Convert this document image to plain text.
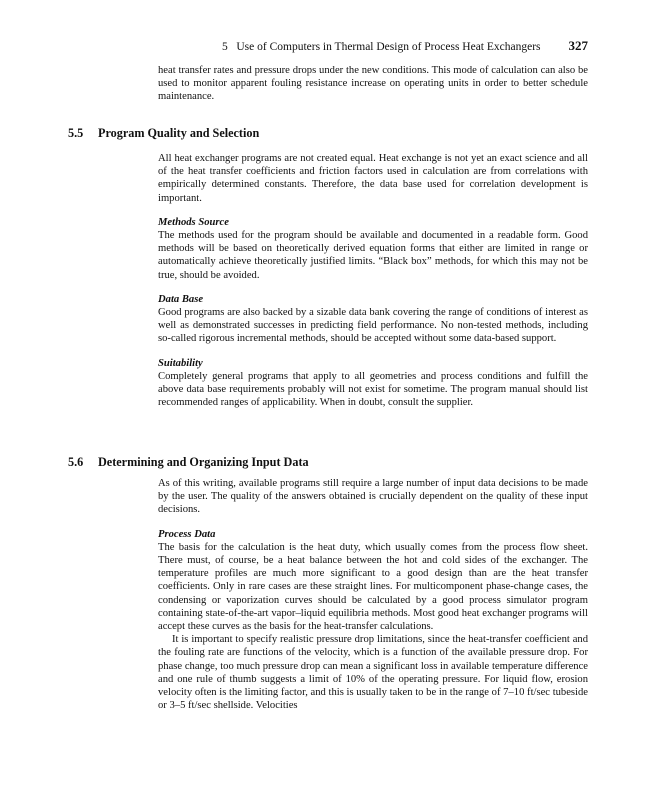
5   Use of Computers in Thermal Design of Process Heat Exchangers 327

heat transfer rates and pressure drops under the new conditions. This mode of calculation can also be used to monitor apparent fouling resistance increase on operating units in order to better schedule maintenance.

5.5 Program Quality and Selection

All heat exchanger programs are not created equal. Heat exchange is not yet an exact science and all of the heat transfer coefficients and friction factors used in calculation are from correlations with empirically determined constants. Therefore, the data base used for correlation development is important.

Methods Source

The methods used for the program should be available and documented in a readable form. Good methods will be based on theoretically derived equation forms that either are limited in range or automatically achieve theoretically justified limits. “Black box” methods, for which this may not be true, should be avoided.

Data Base

Good programs are also backed by a sizable data bank covering the range of conditions of interest as well as demonstrated successes in predicting field performance. No non-tested methods, including so-called rigorous incremental methods, should be accepted without some data-based support.

Suitability

Completely general programs that apply to all geometries and process conditions and fulfill the above data base requirements probably will not exist for sometime. The program manual should list recommended ranges of applicability. When in doubt, consult the supplier.

5.6 Determining and Organizing Input Data

As of this writing, available programs still require a large number of input data decisions to be made by the user. The quality of the answers obtained is crucially dependent on the quality of these input decisions.

Process Data

The basis for the calculation is the heat duty, which usually comes from the process flow sheet. There must, of course, be a heat balance between the hot and cold sides of the exchanger. The temperature profiles are much more significant to a good design than are the heat transfer coefficients. Only in rare cases are these straight lines. For multicomponent phase-change cases, the condensing or vaporization curves should be calculated by a good process simulator program containing state-of-the-art vapor–liquid equilibria methods. Most good heat exchanger programs will accept these curves as the basis for the heat-transfer calculations.

It is important to specify realistic pressure drop limitations, since the heat-transfer coefficient and the fouling rate are functions of the velocity, which is a function of the available pressure drop. For phase change, too much pressure drop can mean a significant loss in available temperature difference and one rule of thumb suggests a limit of 10% of the operating pressure. For liquid flow, erosion velocity often is the limiting factor, and this is usually taken to be in the range of 7–10 ft/sec tubeside or 3–5 ft/sec shellside. Velocities
